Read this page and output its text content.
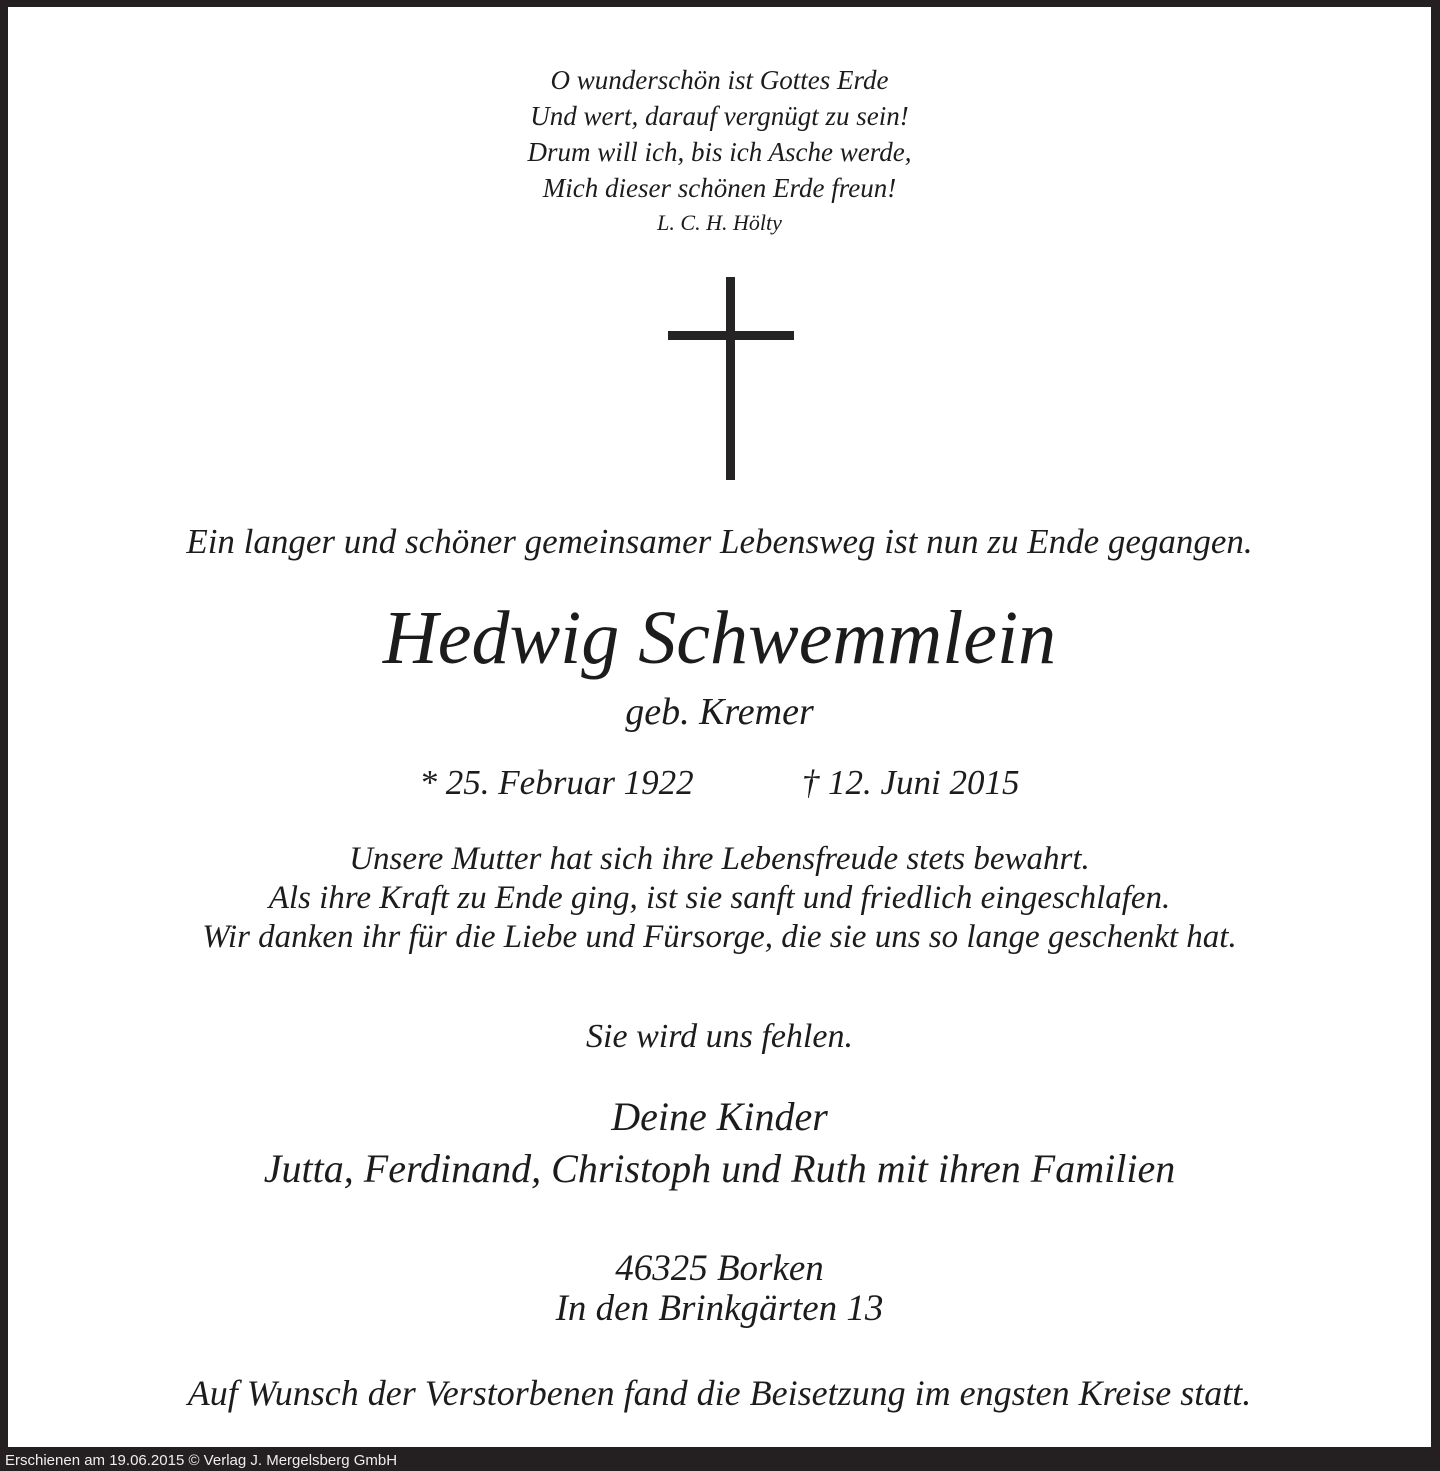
O wunderschön ist Gottes Erde
Und wert, darauf vergnügt zu sein!
Drum will ich, bis ich Asche werde,
Mich dieser schönen Erde freun!
L. C. H. Hölty
Ein langer und schöner gemeinsamer Lebensweg ist nun zu Ende gegangen.
Hedwig Schwemmlein
geb. Kremer
* 25. Februar 1922	† 12. Juni 2015
Unsere Mutter hat sich ihre Lebensfreude stets bewahrt.
Als ihre Kraft zu Ende ging, ist sie sanft und friedlich eingeschlafen.
Wir danken ihr für die Liebe und Fürsorge, die sie uns so lange geschenkt hat.
Sie wird uns fehlen.
Deine Kinder
Jutta, Ferdinand, Christoph und Ruth mit ihren Familien
46325 Borken
In den Brinkgärten 13
Auf Wunsch der Verstorbenen fand die Beisetzung im engsten Kreise statt.
Erschienen am 19.06.2015 © Verlag J. Mergelsberg GmbH
